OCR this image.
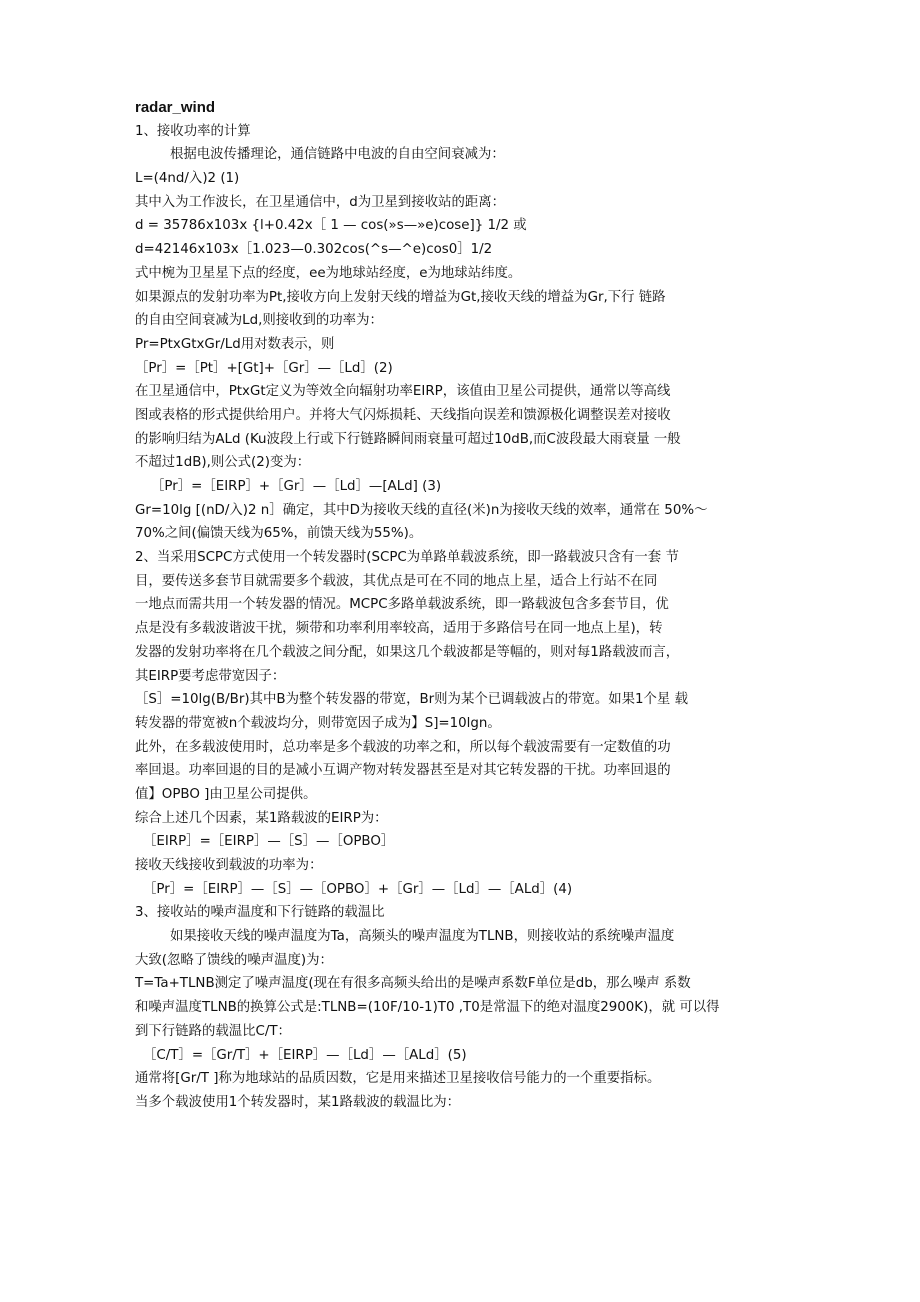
radar_wind
1、接收功率的计算
根据电波传播理论，通信链路中电波的自由空间衰减为：
L=(4nd/入)2 (1)
其中入为工作波长，在卫星通信中，d为卫星到接收站的距离：
d = 35786x103x {l+0.42x［ 1 — cos(»s—»e)cose]} 1/2 或
d=42146x103x［1.023—0.302cos(^s—^e)cos0］1/2
式中椀为卫星星下点的经度，ee为地球站经度，e为地球站纬度。
如果源点的发射功率为Pt,接收方向上发射天线的增益为Gt,接收天线的增益为Gr,下行 链路
的自由空间衰减为Ld,则接收到的功率为：
Pr=PtxGtxGr/Ld用对数表示，则
［Pr］=［Pt］+[Gt]+［Gr］—［Ld］(2)
在卫星通信中，PtxGt定义为等效全向辐射功率EIRP，该值由卫星公司提供，通常以等高线
图或表格的形式提供给用户。并将大气闪烁损耗、天线指向误差和馈源极化调整误差对接收
的影响归结为ALd (Ku波段上行或下行链路瞬间雨衰量可超过10dB,而C波段最大雨衰量 一般
不超过1dB),则公式(2)变为：
［Pr］=［EIRP］+［Gr］—［Ld］—[ALd] (3)
Gr=10lg [(nD/入)2 n］确定，其中D为接收天线的直径(米)n为接收天线的效率，通常在 50%〜
70%之间(偏馈天线为65%，前馈天线为55%)。
2、当采用SCPC方式使用一个转发器时(SCPC为单路单载波系统，即一路载波只含有一套 节
目，要传送多套节目就需要多个载波，其优点是可在不同的地点上星，适合上行站不在同
一地点而需共用一个转发器的情况。MCPC多路单载波系统，即一路载波包含多套节目，优
点是没有多载波谐波干扰，频带和功率利用率较高，适用于多路信号在同一地点上星)，转
发器的发射功率将在几个载波之间分配，如果这几个载波都是等幅的，则对每1路载波而言，
其EIRP要考虑带宽因子：
［S］=10lg(B/Br)其中B为整个转发器的带宽，Br则为某个已调载波占的带宽。如果1个星 载
转发器的带宽被n个载波均分，则带宽因子成为】S]=10lgn。
此外，在多载波使用时，总功率是多个载波的功率之和，所以每个载波需要有一定数值的功
率回退。功率回退的目的是减小互调产物对转发器甚至是对其它转发器的干扰。功率回退的
值】OPBO ]由卫星公司提供。
综合上述几个因素，某1路载波的EIRP为：
［EIRP］=［EIRP］—［S］—［OPBO］
接收天线接收到载波的功率为：
［Pr］=［EIRP］—［S］—［OPBO］+［Gr］—［Ld］—［ALd］(4)
3、接收站的噪声温度和下行链路的载温比
如果接收天线的噪声温度为Ta，高频头的噪声温度为TLNB，则接收站的系统噪声温度
大致(忽略了馈线的噪声温度)为：
T=Ta+TLNB测定了噪声温度(现在有很多高频头给出的是噪声系数F单位是db，那么噪声 系数
和噪声温度TLNB的换算公式是:TLNB=(10F/10-1)T0 ,T0是常温下的绝对温度2900K)，就 可以得
到下行链路的载温比C/T：
［C/T］=［Gr/T］+［EIRP］—［Ld］—［ALd］(5)
通常将[Gr/T ]称为地球站的品质因数，它是用来描述卫星接收信号能力的一个重要指标。
当多个载波使用1个转发器时，某1路载波的载温比为：
